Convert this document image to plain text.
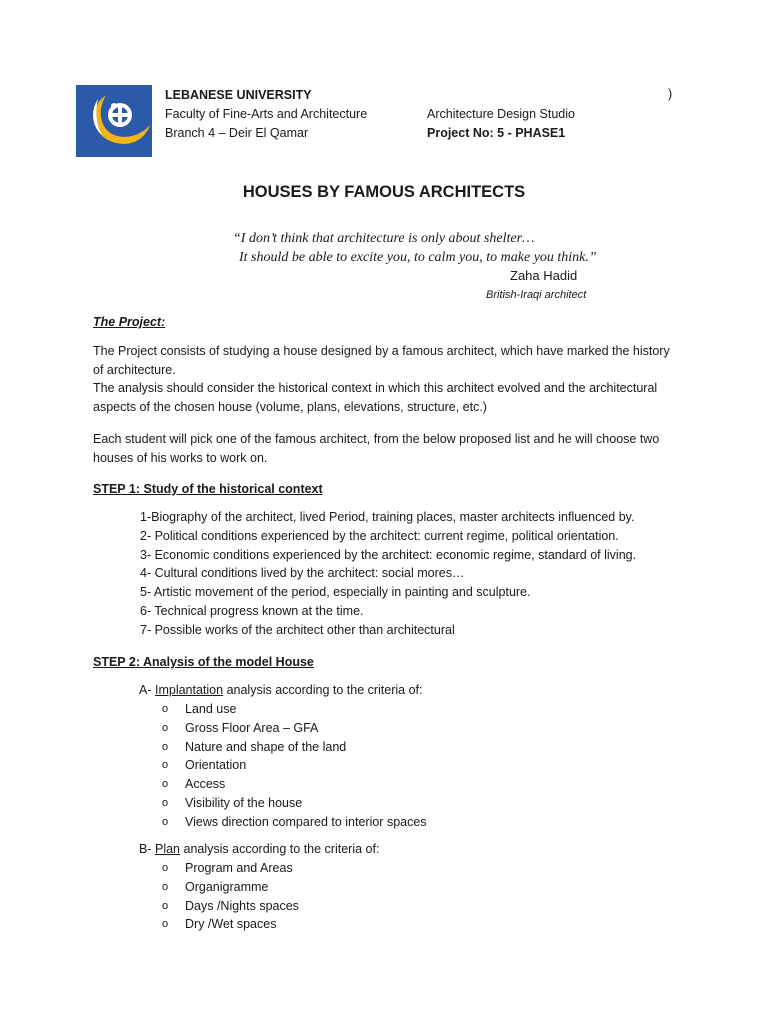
LEBANESE UNIVERSITY
Faculty of Fine-Arts and Architecture
Branch 4 – Deir El Qamar
)
Architecture Design Studio
Project No: 5 - PHASE1
HOUSES BY FAMOUS ARCHITECTS
“I don’t think that architecture is only about shelter…
It should be able to excite you, to calm you, to make you think.”
Zaha Hadid
British-Iraqi architect
The Project:
The Project consists of studying a house designed by a famous architect, which have marked the history of architecture.
The analysis should consider the historical context in which this architect evolved and the architectural aspects of the chosen house (volume, plans, elevations, structure, etc.)
Each student will pick one of the famous architect, from the below proposed list and he will choose two houses of his works to work on.
STEP 1: Study of the historical context
1-Biography of the architect, lived Period, training places, master architects influenced by.
2- Political conditions experienced by the architect: current regime, political orientation.
3- Economic conditions experienced by the architect: economic regime, standard of living.
4- Cultural conditions lived by the architect: social mores…
5- Artistic movement of the period, especially in painting and sculpture.
6- Technical progress known at the time.
7- Possible works of the architect other than architectural
STEP 2: Analysis of the model House
A- Implantation analysis according to the criteria of:
o	Land use
o	Gross Floor Area – GFA
o	Nature and shape of the land
o	Orientation
o	Access
o	Visibility of the house
o	Views direction compared to interior spaces
B- Plan analysis according to the criteria of:
o	Program and Areas
o	Organigramme
o	Days /Nights spaces
o	Dry /Wet spaces
